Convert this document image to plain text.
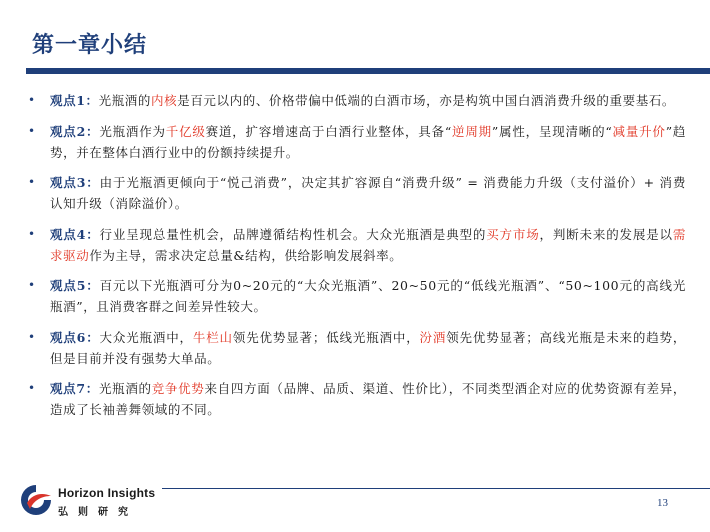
第一章小结
• 观点1：光瓶酒的内核是百元以内的、价格带偏中低端的白酒市场，亦是构筑中国白酒消费升级的重要基石。
• 观点2：光瓶酒作为千亿级赛道，扩容增速高于白酒行业整体，具备“逆周期”属性，呈现清晰的“减量升价”趋势，并在整体白酒行业中的份额持续提升。
• 观点3：由于光瓶酒更倾向于“悦己消费”，决定其扩容源自“消费升级” = 消费能力升级（支付溢价）+ 消费认知升级（消除溢价）。
• 观点4：行业呈现总量性机会，品牌遵循结构性机会。大众光瓶酒是典型的买方市场，判断未来的发展是以需求驱动作为主导，需求决定总量&结构，供给影响发展斜率。
• 观点5：百元以下光瓶酒可分为0~20元的“大众光瓶酒”、20~50元的“低线光瓶酒”、“50~100元的高线光瓶酒”，且消费客群之间差异性较大。
• 观点6：大众光瓶酒中，牛栏山领先优势显著；低线光瓶酒中，汾酒领先优势显著；高线光瓶是未来的趋势，但是目前并没有强势大单品。
• 观点7：光瓶酒的竞争优势来自四方面（品牌、品质、渠道、性价比），不同类型酒企对应的优势资源有差异，造成了长袖善舞领域的不同。
Horizon Insights
弘则研究
13
